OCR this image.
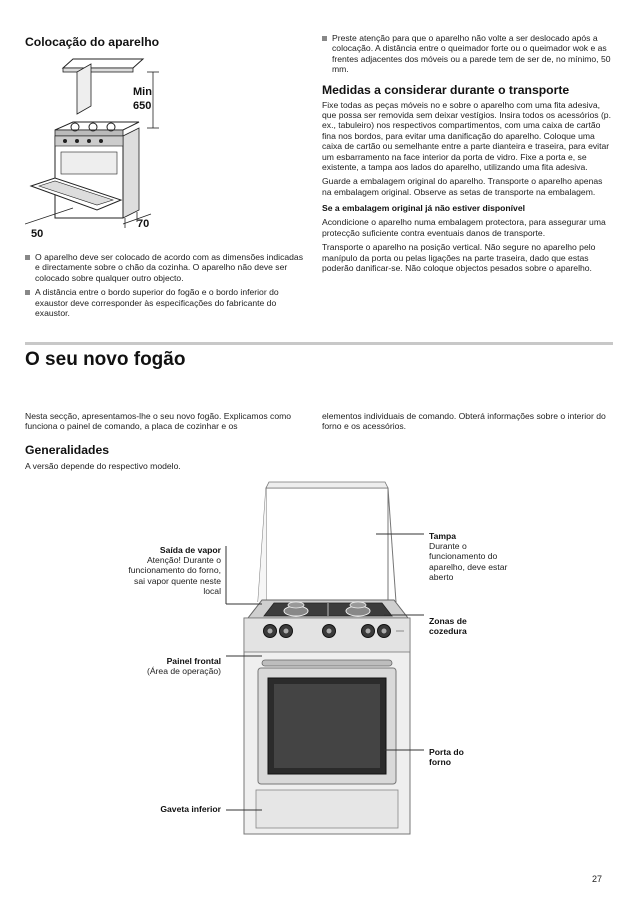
Colocação do aparelho
Min
650
70
50
O aparelho deve ser colocado de acordo com as dimensões indicadas e directamente sobre o chão da cozinha. O aparelho não deve ser colocado sobre qualquer outro objecto.
A distância entre o bordo superior do fogão e o bordo inferior do exaustor deve corresponder às especificações do fabricante do exaustor.
Preste atenção para que o aparelho não volte a ser deslocado após a colocação. A distância entre o queimador forte ou o queimador wok e as frentes adjacentes dos móveis ou a parede tem de ser de, no mínimo, 50 mm.
Medidas a considerar durante o transporte
Fixe todas as peças móveis no e sobre o aparelho com uma fita adesiva, que possa ser removida sem deixar vestígios. Insira todos os acessórios (p. ex., tabuleiro) nos respectivos compartimentos, com uma caixa de cartão fina nos bordos, para evitar uma danificação do aparelho. Coloque uma caixa de cartão ou semelhante entre a parte dianteira e traseira, para evitar um esbarramento na face interior da porta de vidro. Fixe a porta e, se existente, a tampa aos lados do aparelho, utilizando uma fita adesiva.
Guarde a embalagem original do aparelho. Transporte o aparelho apenas na embalagem original. Observe as setas de transporte na embalagem.
Se a embalagem original já não estiver disponível
Acondicione o aparelho numa embalagem protectora, para assegurar uma protecção suficiente contra eventuais danos de transporte.
Transporte o aparelho na posição vertical. Não segure no aparelho pelo manípulo da porta ou pelas ligações na parte traseira, dado que estas poderão danificar-se. Não coloque objectos pesados sobre o aparelho.
O seu novo fogão
Nesta secção, apresentamos-lhe o seu novo fogão. Explicamos como funciona o painel de comando, a placa de cozinhar e os
elementos individuais de comando. Obterá informações sobre o interior do forno e os acessórios.
Generalidades
A versão depende do respectivo modelo.
Saída de vapor
Atenção! Durante o funcionamento do forno, sai vapor quente neste local
Painel frontal
(Área de operação)
Gaveta inferior
Tampa
Durante o funcionamento do aparelho, deve estar aberto
Zonas de cozedura
Porta do forno
27
